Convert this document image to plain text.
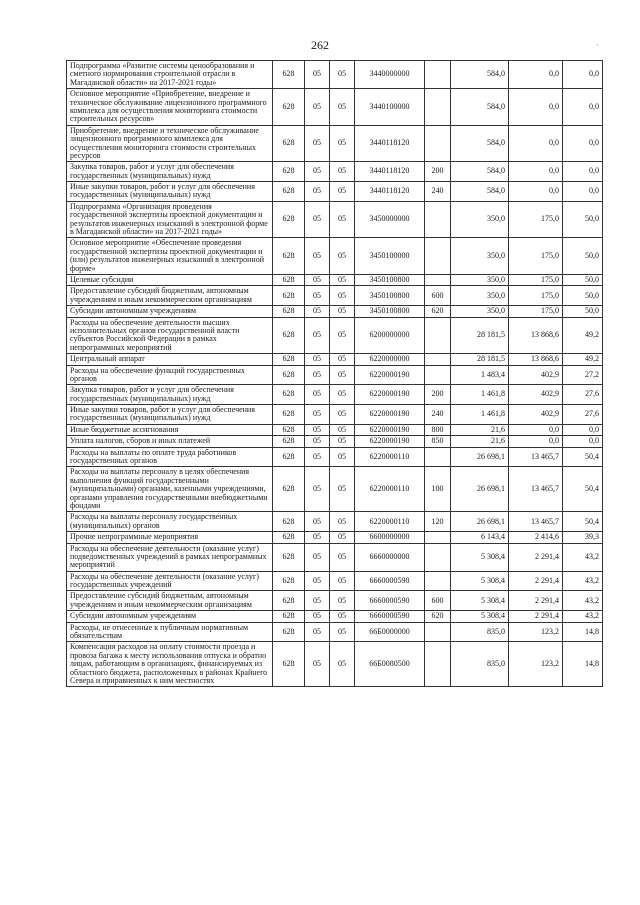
262	·
Подпрограмма «Развитие системы ценообразования и сметного нормирования строительной отрасли в Магаданской области» на 2017-2021 годы»	628	05	05	3440000000		584,0	0,0	0,0
Основное мероприятие «Приобретение, внедрение и техническое обслуживание лицензионного программного комплекса для осуществления мониторинга стоимости строительных ресурсов»	628	05	05	3440100000		584,0	0,0	0,0
Приобретение, внедрение и техническое обслуживание лицензионного программного комплекса для осуществления мониторинга стоимости строительных ресурсов	628	05	05	3440118120		584,0	0,0	0,0
Закупка товаров, работ и услуг для обеспечения государственных (муниципальных) нужд	628	05	05	3440118120	200	584,0	0,0	0,0
Иные закупки товаров, работ и услуг для обеспечения государственных (муниципальных) нужд	628	05	05	3440118120	240	584,0	0,0	0,0
Подпрограмма «Организация проведения государственной экспертизы проектной документации и результатов инженерных изысканий в электронной форме в Магаданской области» на 2017-2021 годы»	628	05	05	3450000000		350,0	175,0	50,0
Основное мероприятие «Обеспечение проведения государственной экспертизы проектной документации и (или) результатов инженерных изысканий в электронной форме»	628	05	05	3450100000		350,0	175,0	50,0
Целевые субсидии	628	05	05	3450100800		350,0	175,0	50,0
Предоставление субсидий бюджетным, автономным учреждениям и иным некоммерческим организациям	628	05	05	3450100800	600	350,0	175,0	50,0
Субсидии автономным учреждениям	628	05	05	3450100800	620	350,0	175,0	50,0
Расходы на обеспечение деятельности высших исполнительных органов государственной власти субъектов Российской Федерации в рамках непрограммных мероприятий	628	05	05	6200000000		28 181,5	13 868,6	49,2
Центральный аппарат	628	05	05	6220000000		28 181,5	13 868,6	49,2
Расходы на обеспечение функций государственных органов	628	05	05	6220000190		1 483,4	402,9	27,2
Закупка товаров, работ и услуг для обеспечения государственных (муниципальных) нужд	628	05	05	6220000190	200	1 461,8	402,9	27,6
Иные закупки товаров, работ и услуг для обеспечения государственных (муниципальных) нужд	628	05	05	6220000190	240	1 461,8	402,9	27,6
Иные бюджетные ассигнования	628	05	05	6220000190	800	21,6	0,0	0,0
Уплата налогов, сборов и иных платежей	628	05	05	6220000190	850	21,6	0,0	0,0
Расходы на выплаты по оплате труда работников государственных органов	628	05	05	6220000110		26 698,1	13 465,7	50,4
Расходы на выплаты персоналу в целях обеспечения выполнения функций государственными (муниципальными) органами, казенными учреждениями, органами управления государственными внебюджетными фондами	628	05	05	6220000110	100	26 698,1	13 465,7	50,4
Расходы на выплаты персоналу государственных (муниципальных) органов	628	05	05	6220000110	120	26 698,1	13 465,7	50,4
Прочие непрограммные мероприятия	628	05	05	6600000000		6 143,4	2 414,6	39,3
Расходы на обеспечение деятельности (оказание услуг) подведомственных учреждений в рамках непрограммных мероприятий	628	05	05	6660000000		5 308,4	2 291,4	43,2
Расходы на обеспечение деятельности (оказание услуг) государственных учреждений	628	05	05	6660000590		5 308,4	2 291,4	43,2
Предоставление субсидий бюджетным, автономным учреждениям и иным некоммерческим организациям	628	05	05	6660000590	600	5 308,4	2 291,4	43,2
Субсидии автономным учреждениям	628	05	05	6660000590	620	5 308,4	2 291,4	43,2
Расходы, не отнесенные к публичным нормативным обязательствам	628	05	05	66Б0000000		835,0	123,2	14,8
Компенсация расходов на оплату стоимости проезда и провоза багажа к месту использования отпуска и обратно лицам, работающим в организациях, финансируемых из областного бюджета, расположенных в районах Крайнего Севера и приравненных к ним местностях	628	05	05	66Б0080500		835,0	123,2	14,8
